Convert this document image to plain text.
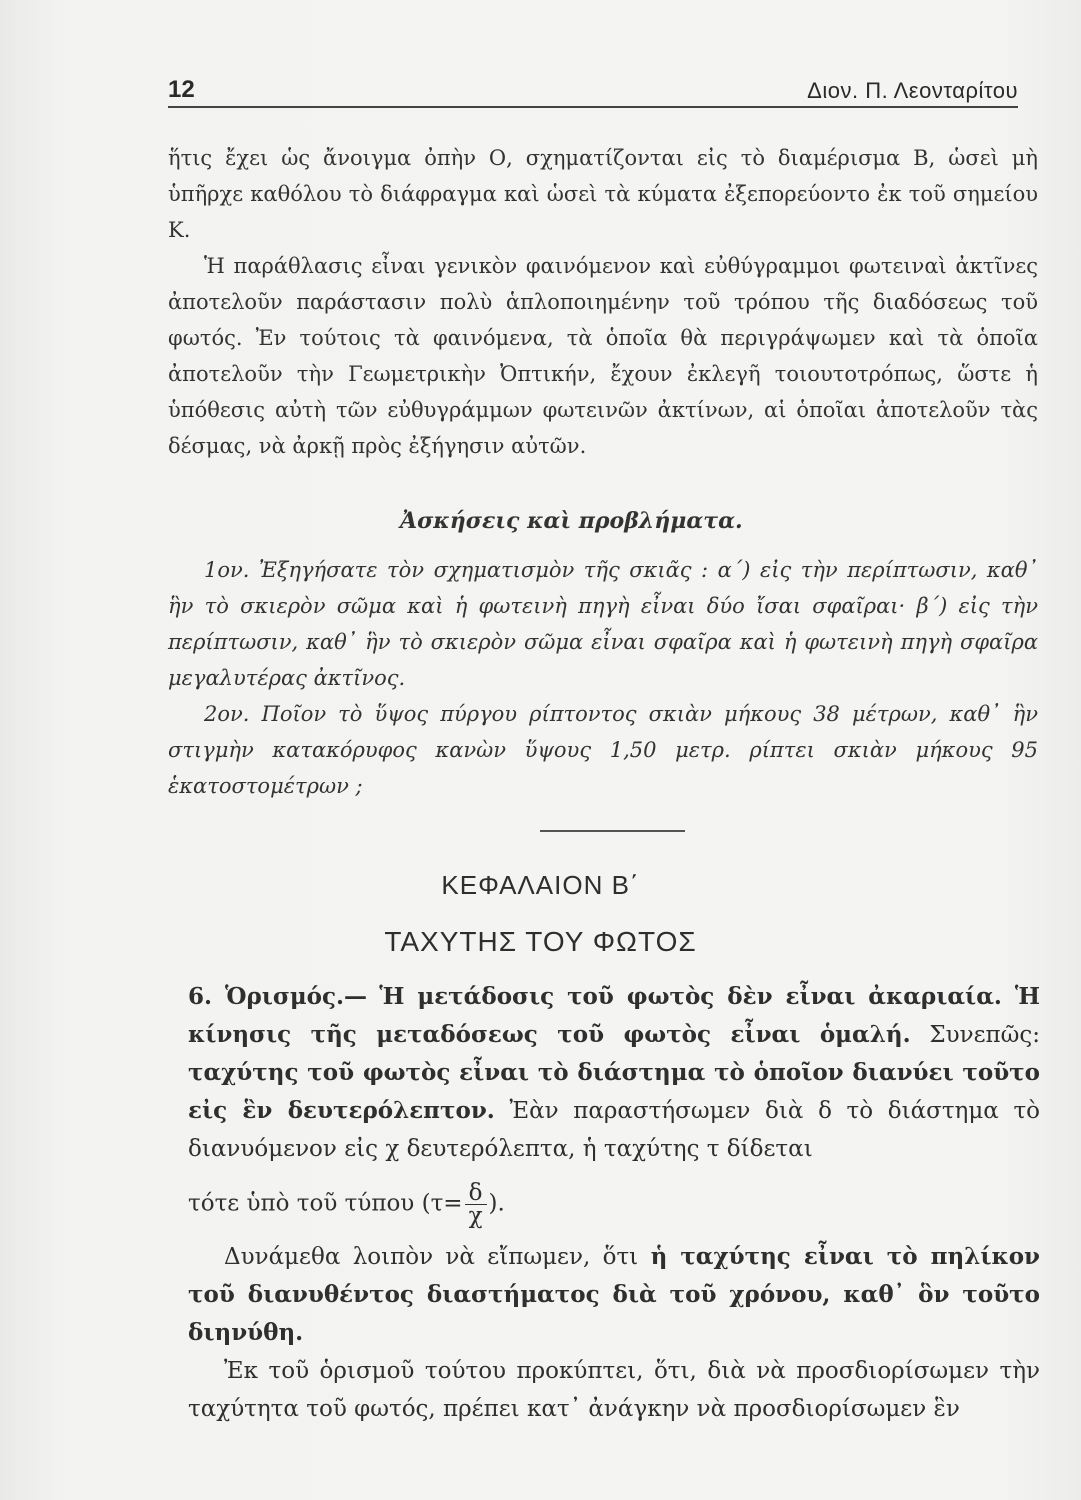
12	Διον. Π. Λεονταρίτου

ἥτις ἔχει ὡς ἄνοιγμα ὀπὴν Ο, σχηματίζονται εἰς τὸ διαμέρισμα Β, ὡσεὶ μὴ ὑπῆρχε καθόλου τὸ διάφραγμα καὶ ὡσεὶ τὰ κύματα ἐξεπορεύοντο ἐκ τοῦ σημείου Κ.

Ἡ παράθλασις εἶναι γενικὸν φαινόμενον καὶ εὐθύγραμμοι φωτειναὶ ἀκτῖνες ἀποτελοῦν παράστασιν πολὺ ἁπλοποιημένην τοῦ τρόπου τῆς διαδόσεως τοῦ φωτός. Ἐν τούτοις τὰ φαινόμενα, τὰ ὁποῖα θὰ περιγράψωμεν καὶ τὰ ὁποῖα ἀποτελοῦν τὴν Γεωμετρικὴν Ὀπτικήν, ἔχουν ἐκλεγῆ τοιουτοτρόπως, ὥστε ἡ ὑπόθεσις αὐτὴ τῶν εὐθυγράμμων φωτεινῶν ἀκτίνων, αἱ ὁποῖαι ἀποτελοῦν τὰς δέσμας, νὰ ἀρκῇ πρὸς ἐξήγησιν αὐτῶν.

Ἀσκήσεις καὶ προβλήματα.

1ον. Ἐξηγήσατε τὸν σχηματισμὸν τῆς σκιᾶς : α΄) εἰς τὴν περίπτωσιν, καθ᾽ ἣν τὸ σκιερὸν σῶμα καὶ ἡ φωτεινὴ πηγὴ εἶναι δύο ἴσαι σφαῖραι· β΄) εἰς τὴν περίπτωσιν, καθ᾽ ἣν τὸ σκιερὸν σῶμα εἶναι σφαῖρα καὶ ἡ φωτεινὴ πηγὴ σφαῖρα μεγαλυτέρας ἀκτῖνος.

2ον. Ποῖον τὸ ὕψος πύργου ρίπτοντος σκιὰν μήκους 38 μέτρων, καθ᾽ ἣν στιγμὴν κατακόρυφος κανὼν ὕψους 1,50 μετρ. ρίπτει σκιὰν μήκους 95 ἑκατοστομέτρων ;

ΚΕΦΑΛΑΙΟΝ Β΄
ΤΑΧΥΤΗΣ ΤΟΥ ΦΩΤΟΣ

6. Ὁρισμός.— Ἡ μετάδοσις τοῦ φωτὸς δὲν εἶναι ἀκαριαία. Ἡ κίνησις τῆς μεταδόσεως τοῦ φωτὸς εἶναι ὁμαλή. Συνεπῶς: ταχύτης τοῦ φωτὸς εἶναι τὸ διάστημα τὸ ὁποῖον διανύει τοῦτο εἰς ἓν δευτερόλεπτον. Ἐὰν παραστήσωμεν διὰ δ τὸ διάστημα τὸ διανυόμενον εἰς χ δευτερόλεπτα, ἡ ταχύτης τ δίδεται

τότε ὑπὸ τοῦ τύπου ($\tau= \frac{\delta}{\chi}$ ).

Δυνάμεθα λοιπὸν νὰ εἴπωμεν, ὅτι ἡ ταχύτης εἶναι τὸ πηλίκον τοῦ διανυθέντος διαστήματος διὰ τοῦ χρόνου, καθ᾽ ὃν τοῦτο διηνύθη.

Ἐκ τοῦ ὁρισμοῦ τούτου προκύπτει, ὅτι, διὰ νὰ προσδιορίσωμεν τὴν ταχύτητα τοῦ φωτός, πρέπει κατ᾽ ἀνάγκην νὰ προσδιορίσωμεν ἓν
